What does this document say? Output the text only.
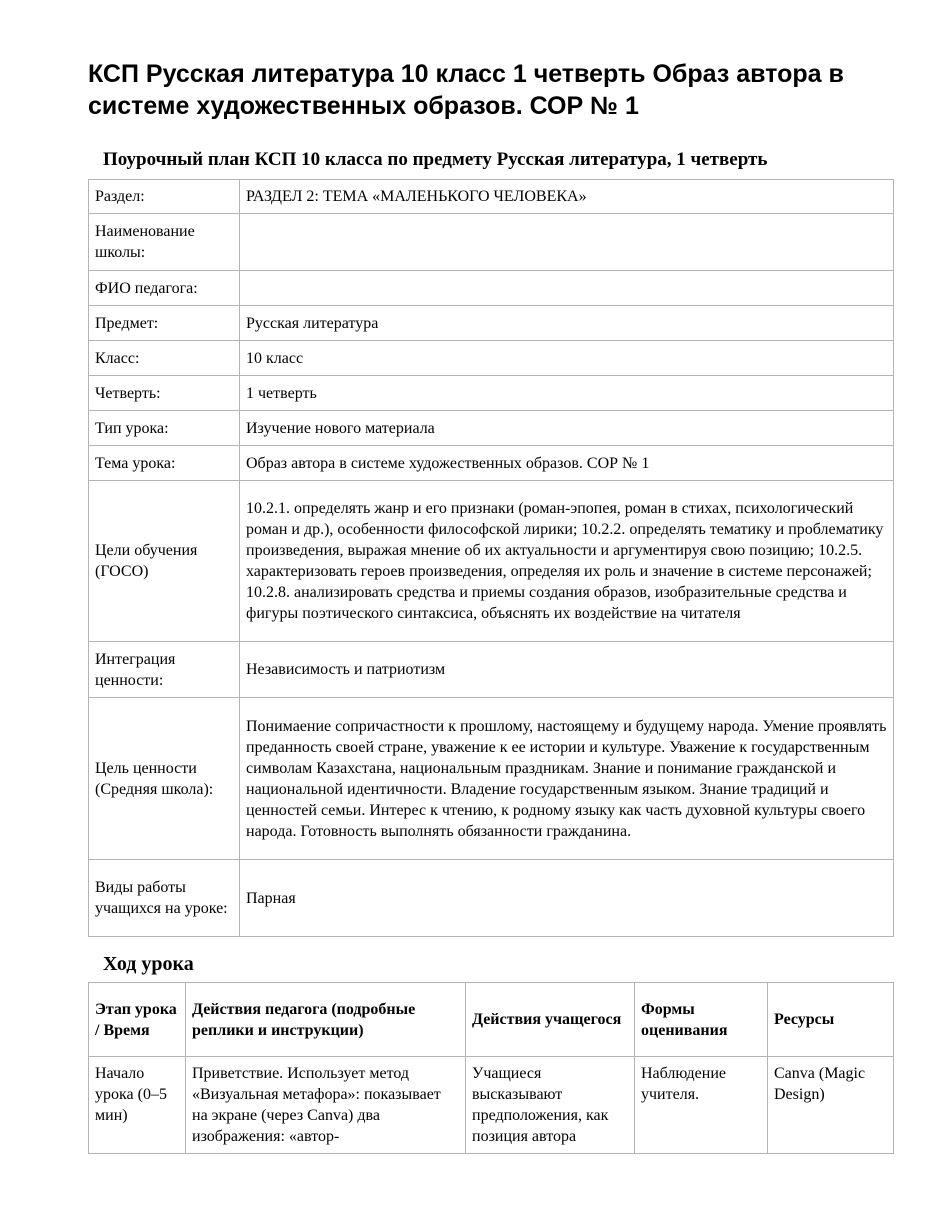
КСП Русская литература 10 класс 1 четверть Образ автора в системе художественных образов. СОР № 1
Поурочный план КСП 10 класса по предмету Русская литература, 1 четверть
Раздел:	РАЗДЕЛ 2: ТЕМА «МАЛЕНЬКОГО ЧЕЛОВЕКА»
Наименование школы:	
ФИО педагога:	
Предмет:	Русская литература
Класс:	10 класс
Четверть:	1 четверть
Тип урока:	Изучение нового материала
Тема урока:	Образ автора в системе художественных образов. СОР № 1
Цели обучения (ГОСО)	10.2.1. определять жанр и его признаки (роман-эпопея, роман в стихах, психологический роман и др.), особенности философской лирики; 10.2.2. определять тематику и проблематику произведения, выражая мнение об их актуальности и аргументируя свою позицию; 10.2.5. характеризовать героев произведения, определяя их роль и значение в системе персонажей; 10.2.8. анализировать средства и приемы создания образов, изобразительные средства и фигуры поэтического синтаксиса, объяснять их воздействие на читателя
Интеграция ценности:	Независимость и патриотизм
Цель ценности (Средняя школа):	Понимаение сопричастности к прошлому, настоящему и будущему народа. Умение проявлять преданность своей стране, уважение к ее истории и культуре. Уважение к государственным символам Казахстана, национальным праздникам. Знание и понимание гражданской и национальной идентичности. Владение государственным языком. Знание традиций и ценностей семьи. Интерес к чтению, к родному языку как часть духовной культуры своего народа. Готовность выполнять обязанности гражданина.
Виды работы учащихся на уроке:	Парная
Ход урока
Этап урока / Время	Действия педагога (подробные реплики и инструкции)	Действия учащегося	Формы оценивания	Ресурсы
Начало урока (0–5 мин)	Приветствие. Использует метод «Визуальная метафора»: показывает на экране (через Canva) два изображения: «автор-	Учащиеся высказывают предположения, как позиция автора	Наблюдение учителя.	Canva (Magic Design)
